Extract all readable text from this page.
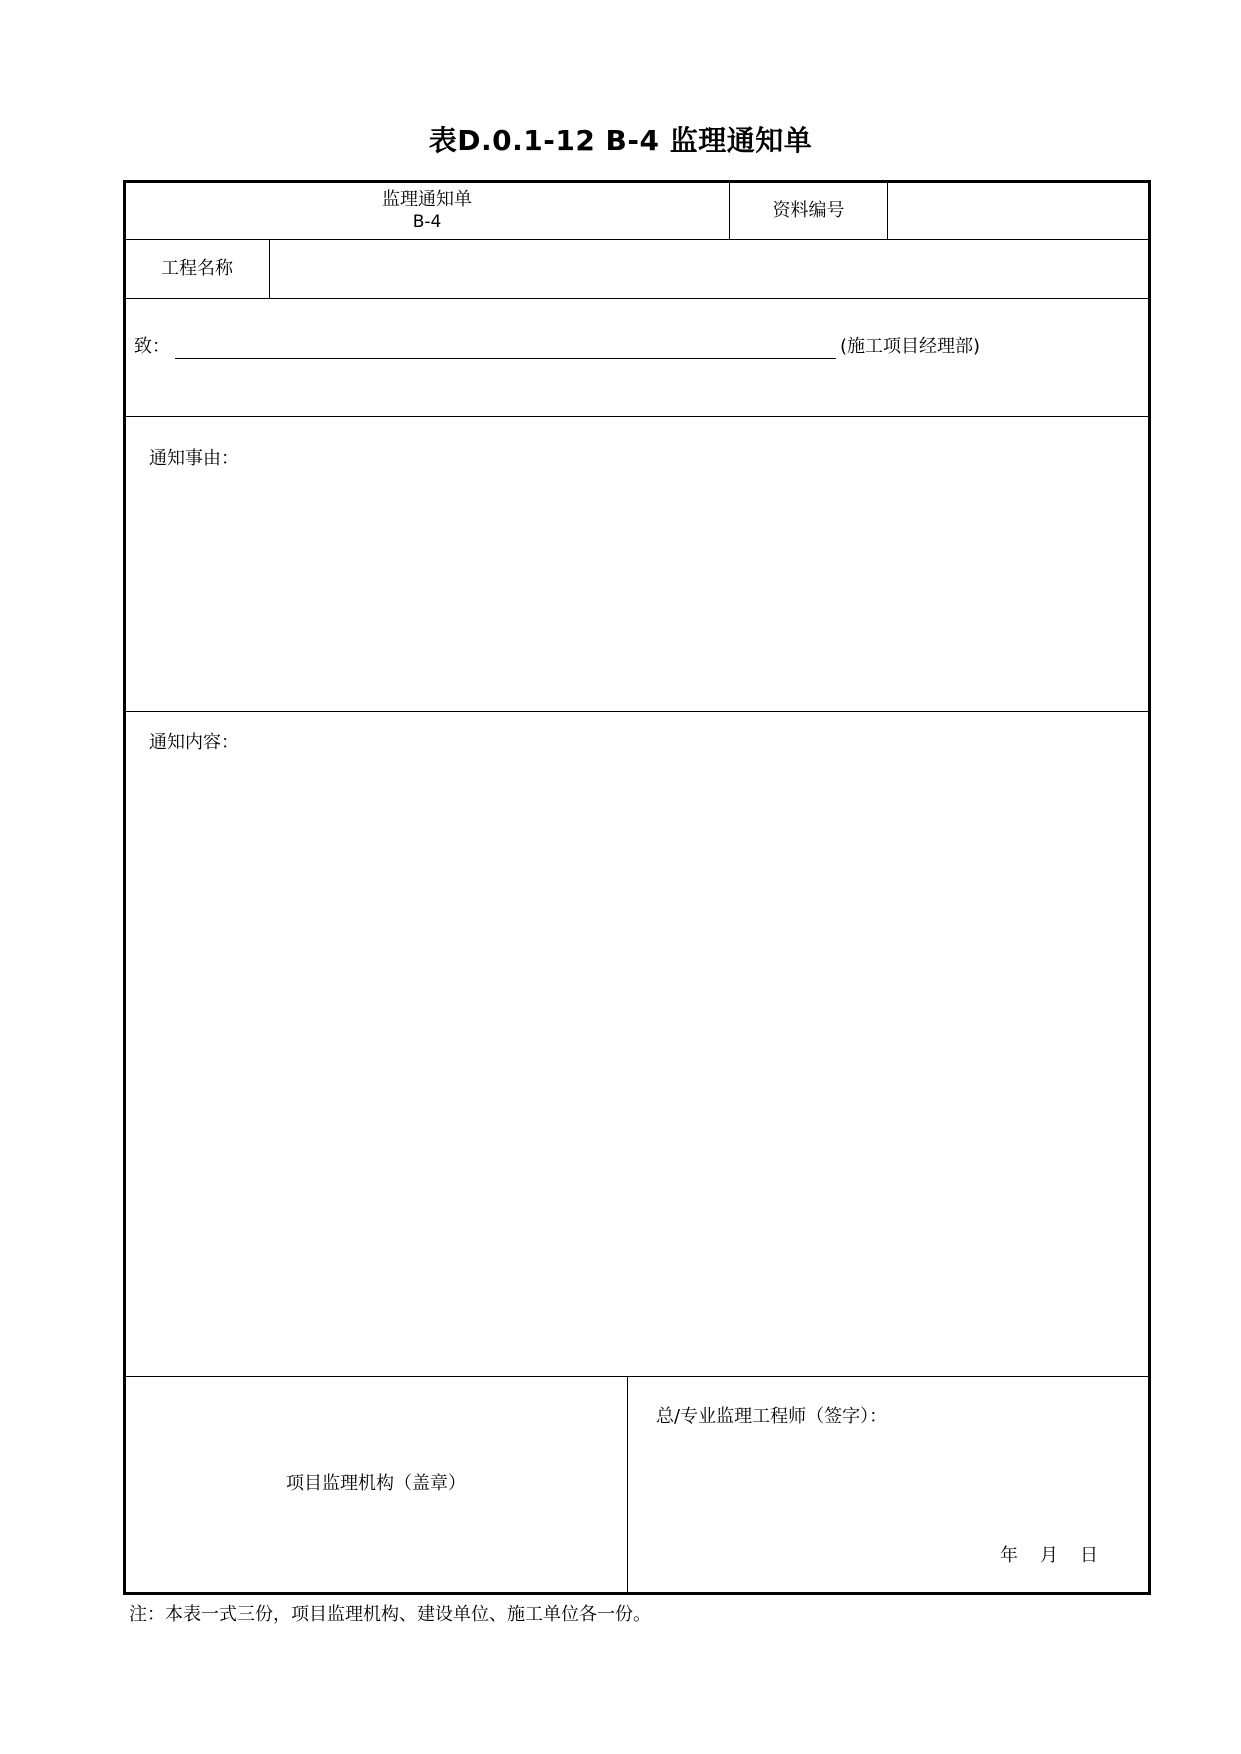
表D.0.1-12 B-4 监理通知单
监理通知单
B-4
资料编号
工程名称
致：	(施工项目经理部)
通知事由：
通知内容：
项目监理机构（盖章）
总/专业监理工程师（签字）：
年 月 日
注：本表一式三份，项目监理机构、建设单位、施工单位各一份。
